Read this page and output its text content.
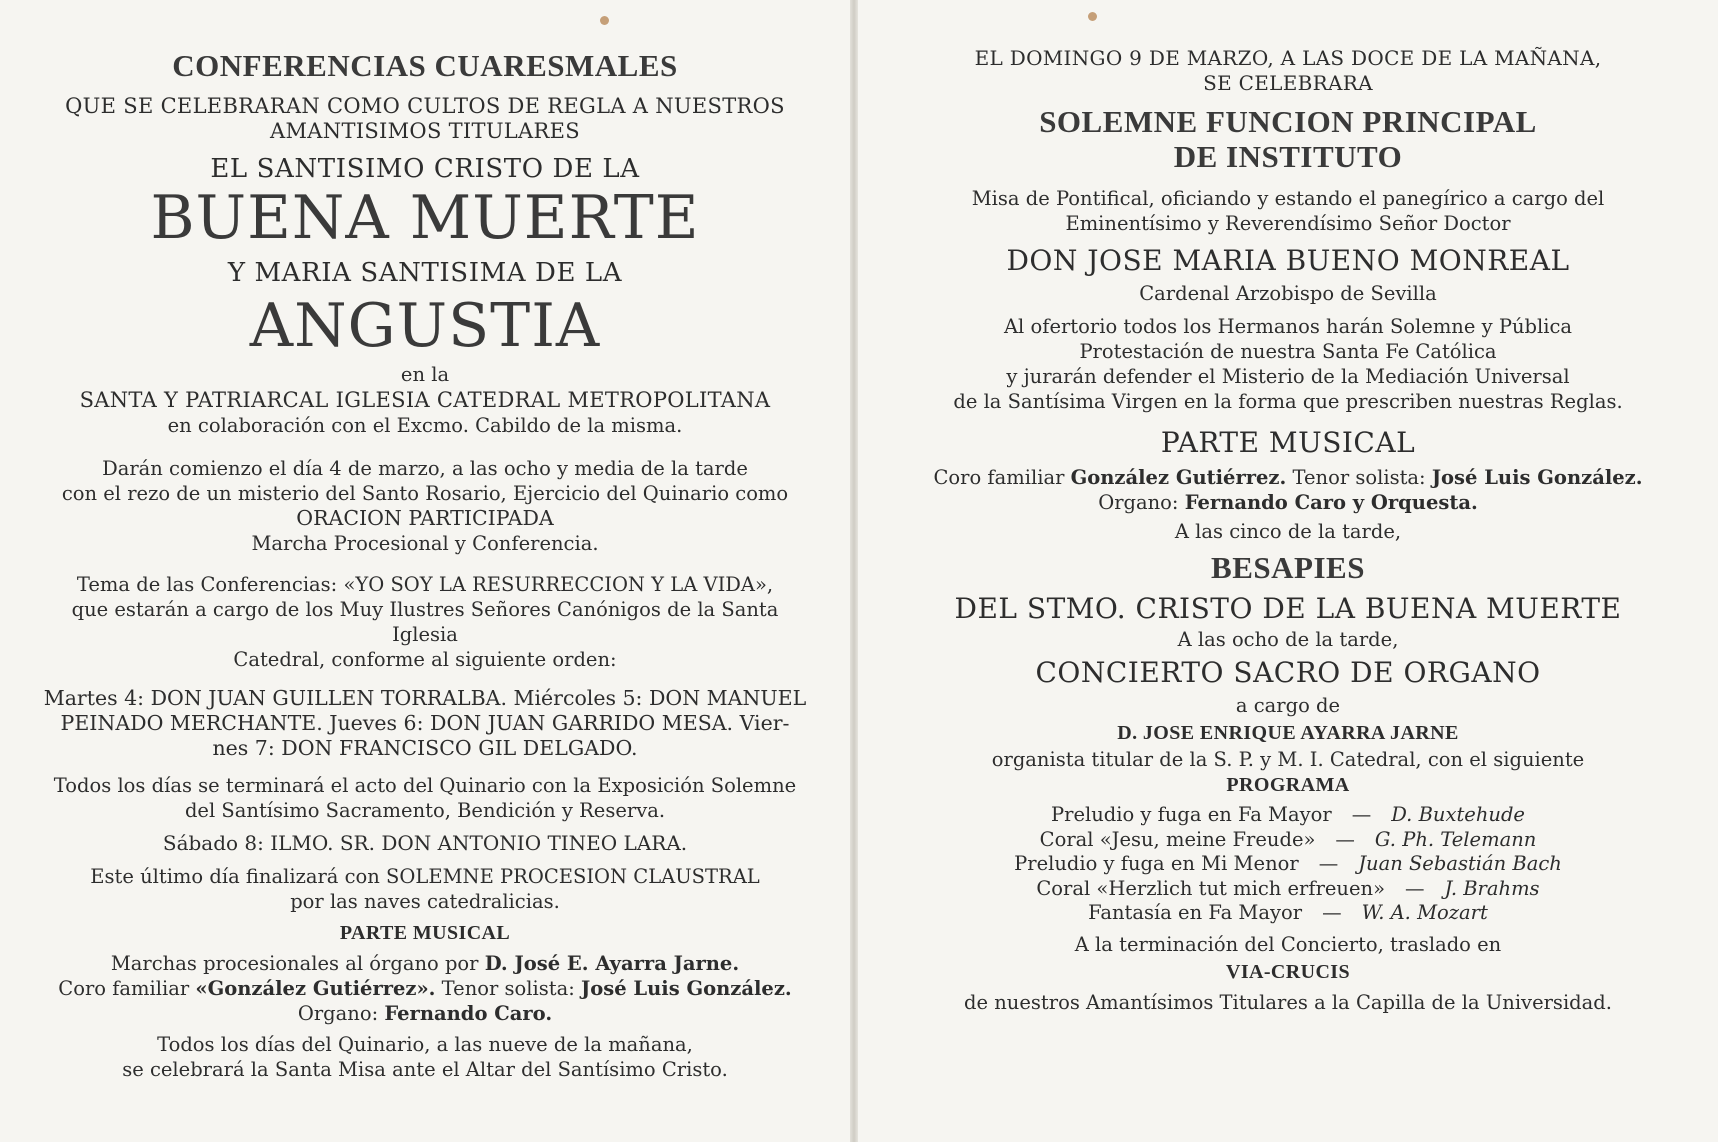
CONFERENCIAS CUARESMALES

QUE SE CELEBRARAN COMO CULTOS DE REGLA A NUESTROS

AMANTISIMOS TITULARES

EL SANTISIMO CRISTO DE LA

BUENA MUERTE

Y MARIA SANTISIMA DE LA

ANGUSTIA

en la

SANTA Y PATRIARCAL IGLESIA CATEDRAL METROPOLITANA

en colaboración con el Excmo. Cabildo de la misma.

Darán comienzo el día 4 de marzo, a las ocho y media de la tarde

con el rezo de un misterio del Santo Rosario, Ejercicio del Quinario como

ORACION PARTICIPADA

Marcha Procesional y Conferencia.

Tema de las Conferencias: «YO SOY LA RESURRECCION Y LA VIDA»,

que estarán a cargo de los Muy Ilustres Señores Canónigos de la Santa Iglesia

Catedral, conforme al siguiente orden:

Martes 4: DON JUAN GUILLEN TORRALBA. Miércoles 5: DON MANUEL

PEINADO MERCHANTE. Jueves 6: DON JUAN GARRIDO MESA. Vier-

nes 7: DON FRANCISCO GIL DELGADO.

Todos los días se terminará el acto del Quinario con la Exposición Solemne

del Santísimo Sacramento, Bendición y Reserva.

Sábado 8: ILMO. SR. DON ANTONIO TINEO LARA.

Este último día finalizará con SOLEMNE PROCESION CLAUSTRAL

por las naves catedralicias.

PARTE MUSICAL

Marchas procesionales al órgano por D. José E. Ayarra Jarne.

Coro familiar «González Gutiérrez». Tenor solista: José Luis González.

Organo: Fernando Caro.

Todos los días del Quinario, a las nueve de la mañana,

se celebrará la Santa Misa ante el Altar del Santísimo Cristo.

EL DOMINGO 9 DE MARZO, A LAS DOCE DE LA MAÑANA,

SE CELEBRARA

SOLEMNE FUNCION PRINCIPAL

DE INSTITUTO

Misa de Pontifical, oficiando y estando el panegírico a cargo del

Eminentísimo y Reverendísimo Señor Doctor

DON JOSE MARIA BUENO MONREAL

Cardenal Arzobispo de Sevilla

Al ofertorio todos los Hermanos harán Solemne y Pública

Protestación de nuestra Santa Fe Católica

y jurarán defender el Misterio de la Mediación Universal

de la Santísima Virgen en la forma que prescriben nuestras Reglas.

PARTE MUSICAL

Coro familiar González Gutiérrez. Tenor solista: José Luis González.

Organo: Fernando Caro y Orquesta.

A las cinco de la tarde,

BESAPIES

DEL STMO. CRISTO DE LA BUENA MUERTE

A las ocho de la tarde,

CONCIERTO SACRO DE ORGANO

a cargo de

D. JOSE ENRIQUE AYARRA JARNE

organista titular de la S. P. y M. I. Catedral, con el siguiente

PROGRAMA

Preludio y fuga en Fa Mayor — D. Buxtehude
Coral «Jesu, meine Freude» — G. Ph. Telemann
Preludio y fuga en Mi Menor — Juan Sebastián Bach
Coral «Herzlich tut mich erfreuen» — J. Brahms
Fantasía en Fa Mayor — W. A. Mozart

A la terminación del Concierto, traslado en

VIA-CRUCIS

de nuestros Amantísimos Titulares a la Capilla de la Universidad.
